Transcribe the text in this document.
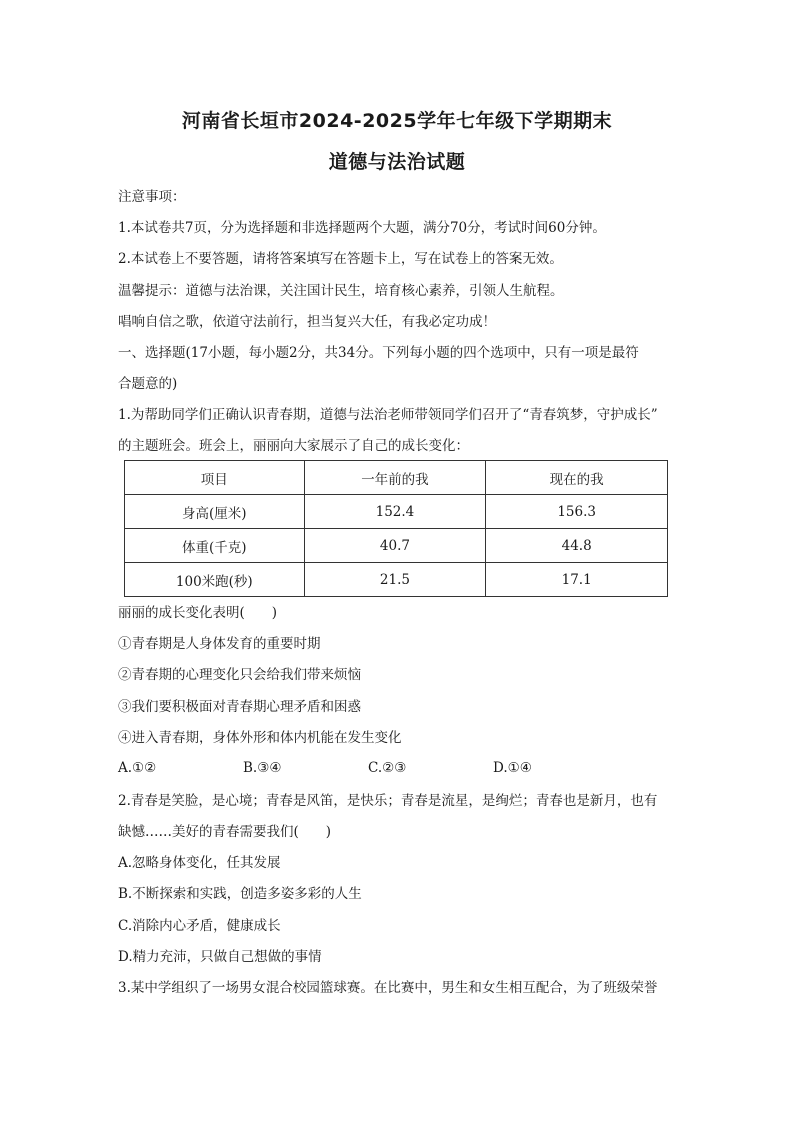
河南省长垣市2024-2025学年七年级下学期期末
道德与法治试题
注意事项：
1.本试卷共7页，分为选择题和非选择题两个大题，满分70分，考试时间60分钟。
2.本试卷上不要答题，请将答案填写在答题卡上，写在试卷上的答案无效。
温馨提示：道德与法治课，关注国计民生，培育核心素养，引领人生航程。
唱响自信之歌，依道守法前行，担当复兴大任，有我必定功成！
一、选择题(17小题，每小题2分，共34分。下列每小题的四个选项中，只有一项是最符
合题意的)
1.为帮助同学们正确认识青春期，道德与法治老师带领同学们召开了“青春筑梦，守护成长”
的主题班会。班会上，丽丽向大家展示了自己的成长变化：
项目	一年前的我	现在的我
身高(厘米)	152.4	156.3
体重(千克)	40.7	44.8
100米跑(秒)	21.5	17.1
丽丽的成长变化表明(　　)
①青春期是人身体发育的重要时期
②青春期的心理变化只会给我们带来烦恼
③我们要积极面对青春期心理矛盾和困惑
④进入青春期，身体外形和体内机能在发生变化
A.①②	B.③④	C.②③	D.①④
2.青春是笑脸，是心境；青春是风笛，是快乐；青春是流星，是绚烂；青春也是新月，也有
缺憾……美好的青春需要我们(　　)
A.忽略身体变化，任其发展
B.不断探索和实践，创造多姿多彩的人生
C.消除内心矛盾，健康成长
D.精力充沛，只做自己想做的事情
3.某中学组织了一场男女混合校园篮球赛。在比赛中，男生和女生相互配合，为了班级荣誉
